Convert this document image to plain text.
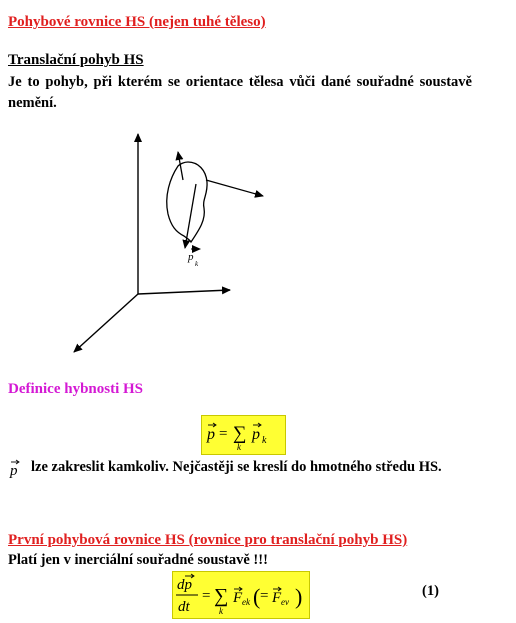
Pohybové rovnice HS (nejen tuhé těleso)
Translační pohyb HS
Je to pohyb, při kterém se orientace tělesa vůči dané souřadné soustavě nemění.
p
k
Definice hybnosti HS
p = ∑
k
p k
p lze zakreslit kamkoliv. Nejčastěji se kreslí do hmotného středu HS.
První pohybová rovnice HS (rovnice pro translační pohyb HS)
Platí jen v inerciální souřadné soustavě !!!
dp
dt
= ∑
k
F ek ( = F ev )	(1)
